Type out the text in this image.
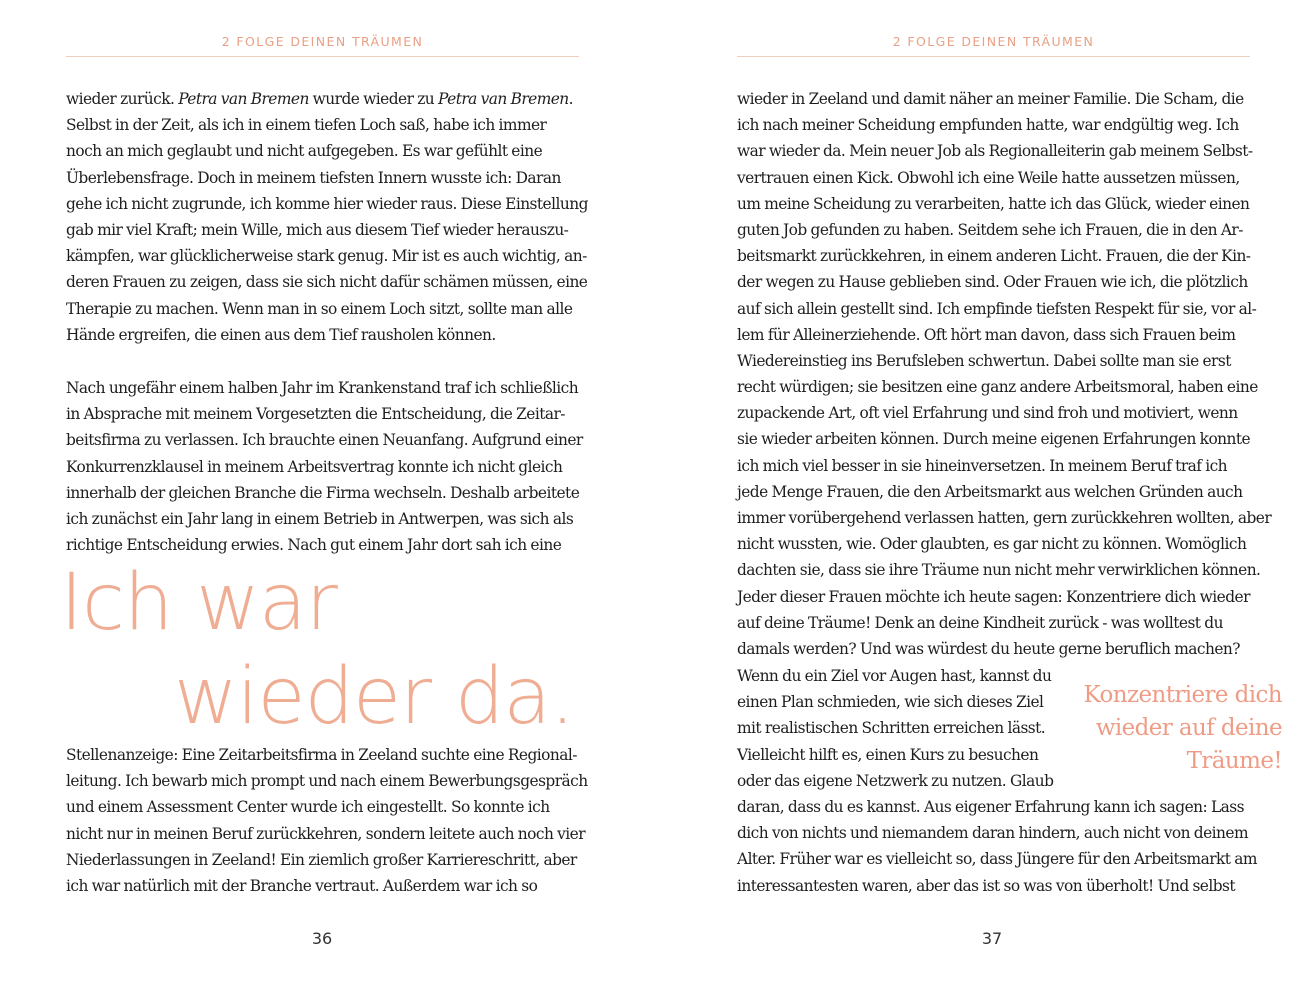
2 FOLGE DEINEN TRÄUMEN
wieder zurück. Petra van Bremen wurde wieder zu Petra van Bremen.
Selbst in der Zeit, als ich in einem tiefen Loch saß, habe ich immer
noch an mich geglaubt und nicht aufgegeben. Es war gefühlt eine
Überlebensfrage. Doch in meinem tiefsten Innern wusste ich: Daran
gehe ich nicht zugrunde, ich komme hier wieder raus. Diese Einstellung
gab mir viel Kraft; mein Wille, mich aus diesem Tief wieder herauszu-
kämpfen, war glücklicherweise stark genug. Mir ist es auch wichtig, an-
deren Frauen zu zeigen, dass sie sich nicht dafür schämen müssen, eine
Therapie zu machen. Wenn man in so einem Loch sitzt, sollte man alle
Hände ergreifen, die einen aus dem Tief rausholen können.
Nach ungefähr einem halben Jahr im Krankenstand traf ich schließlich
in Absprache mit meinem Vorgesetzten die Entscheidung, die Zeitar-
beitsfirma zu verlassen. Ich brauchte einen Neuanfang. Aufgrund einer
Konkurrenzklausel in meinem Arbeitsvertrag konnte ich nicht gleich
innerhalb der gleichen Branche die Firma wechseln. Deshalb arbeitete
ich zunächst ein Jahr lang in einem Betrieb in Antwerpen, was sich als
richtige Entscheidung erwies. Nach gut einem Jahr dort sah ich eine
Ich war
wieder da.
Stellenanzeige: Eine Zeitarbeitsfirma in Zeeland suchte eine Regional-
leitung. Ich bewarb mich prompt und nach einem Bewerbungsgespräch
und einem Assessment Center wurde ich eingestellt. So konnte ich
nicht nur in meinen Beruf zurückkehren, sondern leitete auch noch vier
Niederlassungen in Zeeland! Ein ziemlich großer Karriereschritt, aber
ich war natürlich mit der Branche vertraut. Außerdem war ich so
36
2 FOLGE DEINEN TRÄUMEN
wieder in Zeeland und damit näher an meiner Familie. Die Scham, die
ich nach meiner Scheidung empfunden hatte, war endgültig weg. Ich
war wieder da. Mein neuer Job als Regionalleiterin gab meinem Selbst-
vertrauen einen Kick. Obwohl ich eine Weile hatte aussetzen müssen,
um meine Scheidung zu verarbeiten, hatte ich das Glück, wieder einen
guten Job gefunden zu haben. Seitdem sehe ich Frauen, die in den Ar-
beitsmarkt zurückkehren, in einem anderen Licht. Frauen, die der Kin-
der wegen zu Hause geblieben sind. Oder Frauen wie ich, die plötzlich
auf sich allein gestellt sind. Ich empfinde tiefsten Respekt für sie, vor al-
lem für Alleinerziehende. Oft hört man davon, dass sich Frauen beim
Wiedereinstieg ins Berufsleben schwertun. Dabei sollte man sie erst
recht würdigen; sie besitzen eine ganz andere Arbeitsmoral, haben eine
zupackende Art, oft viel Erfahrung und sind froh und motiviert, wenn
sie wieder arbeiten können. Durch meine eigenen Erfahrungen konnte
ich mich viel besser in sie hineinversetzen. In meinem Beruf traf ich
jede Menge Frauen, die den Arbeitsmarkt aus welchen Gründen auch
immer vorübergehend verlassen hatten, gern zurückkehren wollten, aber
nicht wussten, wie. Oder glaubten, es gar nicht zu können. Womöglich
dachten sie, dass sie ihre Träume nun nicht mehr verwirklichen können.
Jeder dieser Frauen möchte ich heute sagen: Konzentriere dich wieder
auf deine Träume! Denk an deine Kindheit zurück - was wolltest du
damals werden? Und was würdest du heute gerne beruflich machen?
Wenn du ein Ziel vor Augen hast, kannst du
einen Plan schmieden, wie sich dieses Ziel
mit realistischen Schritten erreichen lässt.
Vielleicht hilft es, einen Kurs zu besuchen
oder das eigene Netzwerk zu nutzen. Glaub
Konzentriere dich
wieder auf deine
Träume!
daran, dass du es kannst. Aus eigener Erfahrung kann ich sagen: Lass
dich von nichts und niemandem daran hindern, auch nicht von deinem
Alter. Früher war es vielleicht so, dass Jüngere für den Arbeitsmarkt am
interessantesten waren, aber das ist so was von überholt! Und selbst
37
